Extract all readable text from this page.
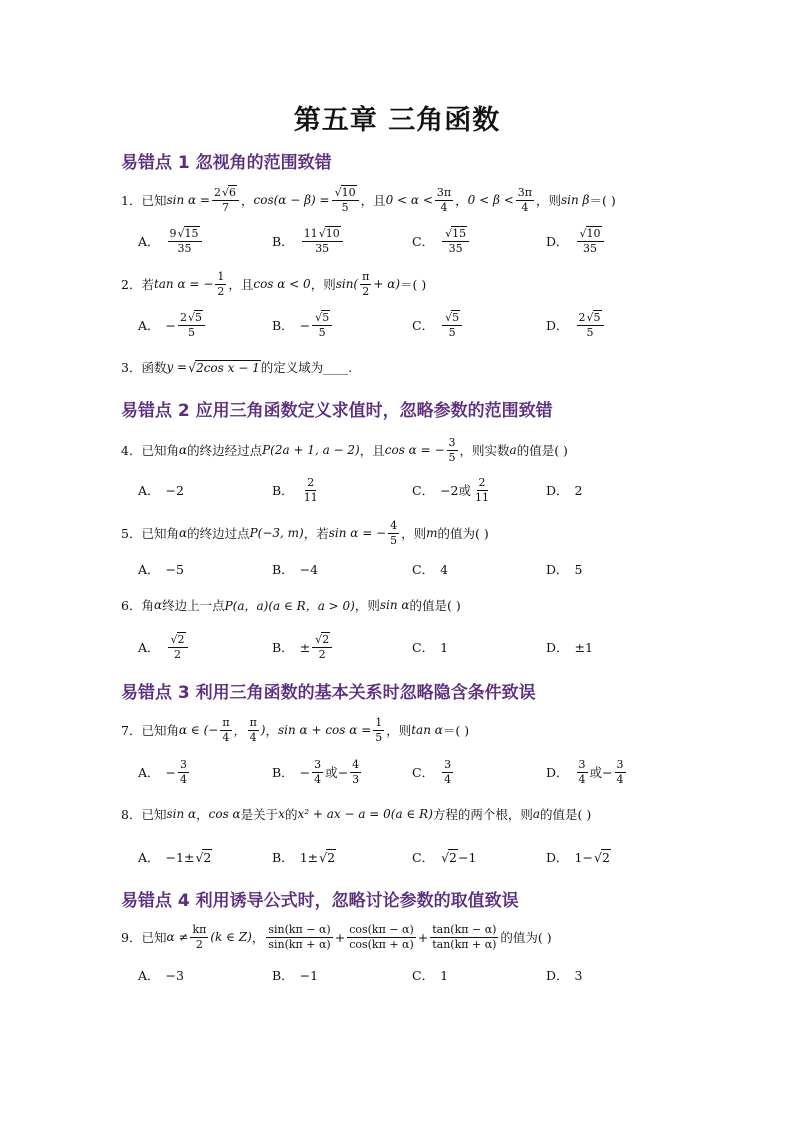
第五章 三角函数
易错点 1 忽视角的范围致错
1．已知 $\sin \alpha = \frac{2√6}{7}$ ， $\cos(\alpha - \beta) = \frac{√10}{5}$ ，且 $0 < \alpha < \frac{3\pi}{4}$ ， $0 < \beta < \frac{3\pi}{4}$ ，则 sin β ＝( )
A． $\frac{9√15}{35}$	B． $\frac{11√10}{35}$	C． $\frac{√15}{35}$	D． $\frac{√10}{35}$
2．若 tan α = − $\frac{1}{2}$ ，且 cos α < 0 ，则 $\sin( \frac{\pi}{2} + \alpha)$ ＝( )
A． − $\frac{2√5}{5}$	B． − $\frac{√5}{5}$	C． $\frac{√5}{5}$	D． $\frac{2√5}{5}$
3．函数 y = √2cos x − 1 的定义域为____.
易错点 2 应用三角函数定义求值时，忽略参数的范围致错
4．已知角 α 的终边经过点 P(2a + 1, a − 2) ，且 cos α = − $\frac{3}{5}$ ，则实数 a 的值是( )
A． −2	B． $\frac{2}{11}$	C． −2或 $\frac{2}{11}$	D． 2
5．已知角 α 的终边过点 P(−3, m) ，若 sin α = − $\frac{4}{5}$ ，则 m 的值为( )
A． −5	B． −4	C． 4	D． 5
6．角 α 终边上一点 P(a，a)(a ∈ R，a > 0) ，则 sin α 的值是( )
A． $\frac{√2}{2}$	B． ± $\frac{√2}{2}$	C． 1	D． ±1
易错点 3 利用三角函数的基本关系时忽略隐含条件致误
7．已知角 α ∈ (− $\frac{\pi}{4}$ ， $\frac{\pi}{4}$ ) ， $\sin \alpha + \cos \alpha = \frac{1}{5}$ ，则 tan α ＝( )
A． − $\frac{3}{4}$	B． − $\frac{3}{4}$ 或 − $\frac{4}{3}$	C． $\frac{3}{4}$	D． $\frac{3}{4}$ 或 − $\frac{3}{4}$
8．已知 sin α ， cos α 是关于 x 的 x² + ax − a = 0(a ∈ R) 方程的两个根，则 a 的值是( )
A． −1± √2	B． 1± √2	C． √2 −1	D． 1− √2
易错点 4 利用诱导公式时，忽略讨论参数的取值致误
9．已知 $\alpha \ne \frac{k\pi}{2} (k$ ∈ Z) ， $\frac{\sin(k\pi - \alpha)}{\sin(k\pi + \alpha)} + \frac{\cos(k\pi - \alpha)}{\cos(k\pi + \alpha)} + \frac{\tan(k\pi - \alpha)}{\tan(k\pi + \alpha)}$ 的值为( )
A． −3	B． −1	C． 1	D． 3
